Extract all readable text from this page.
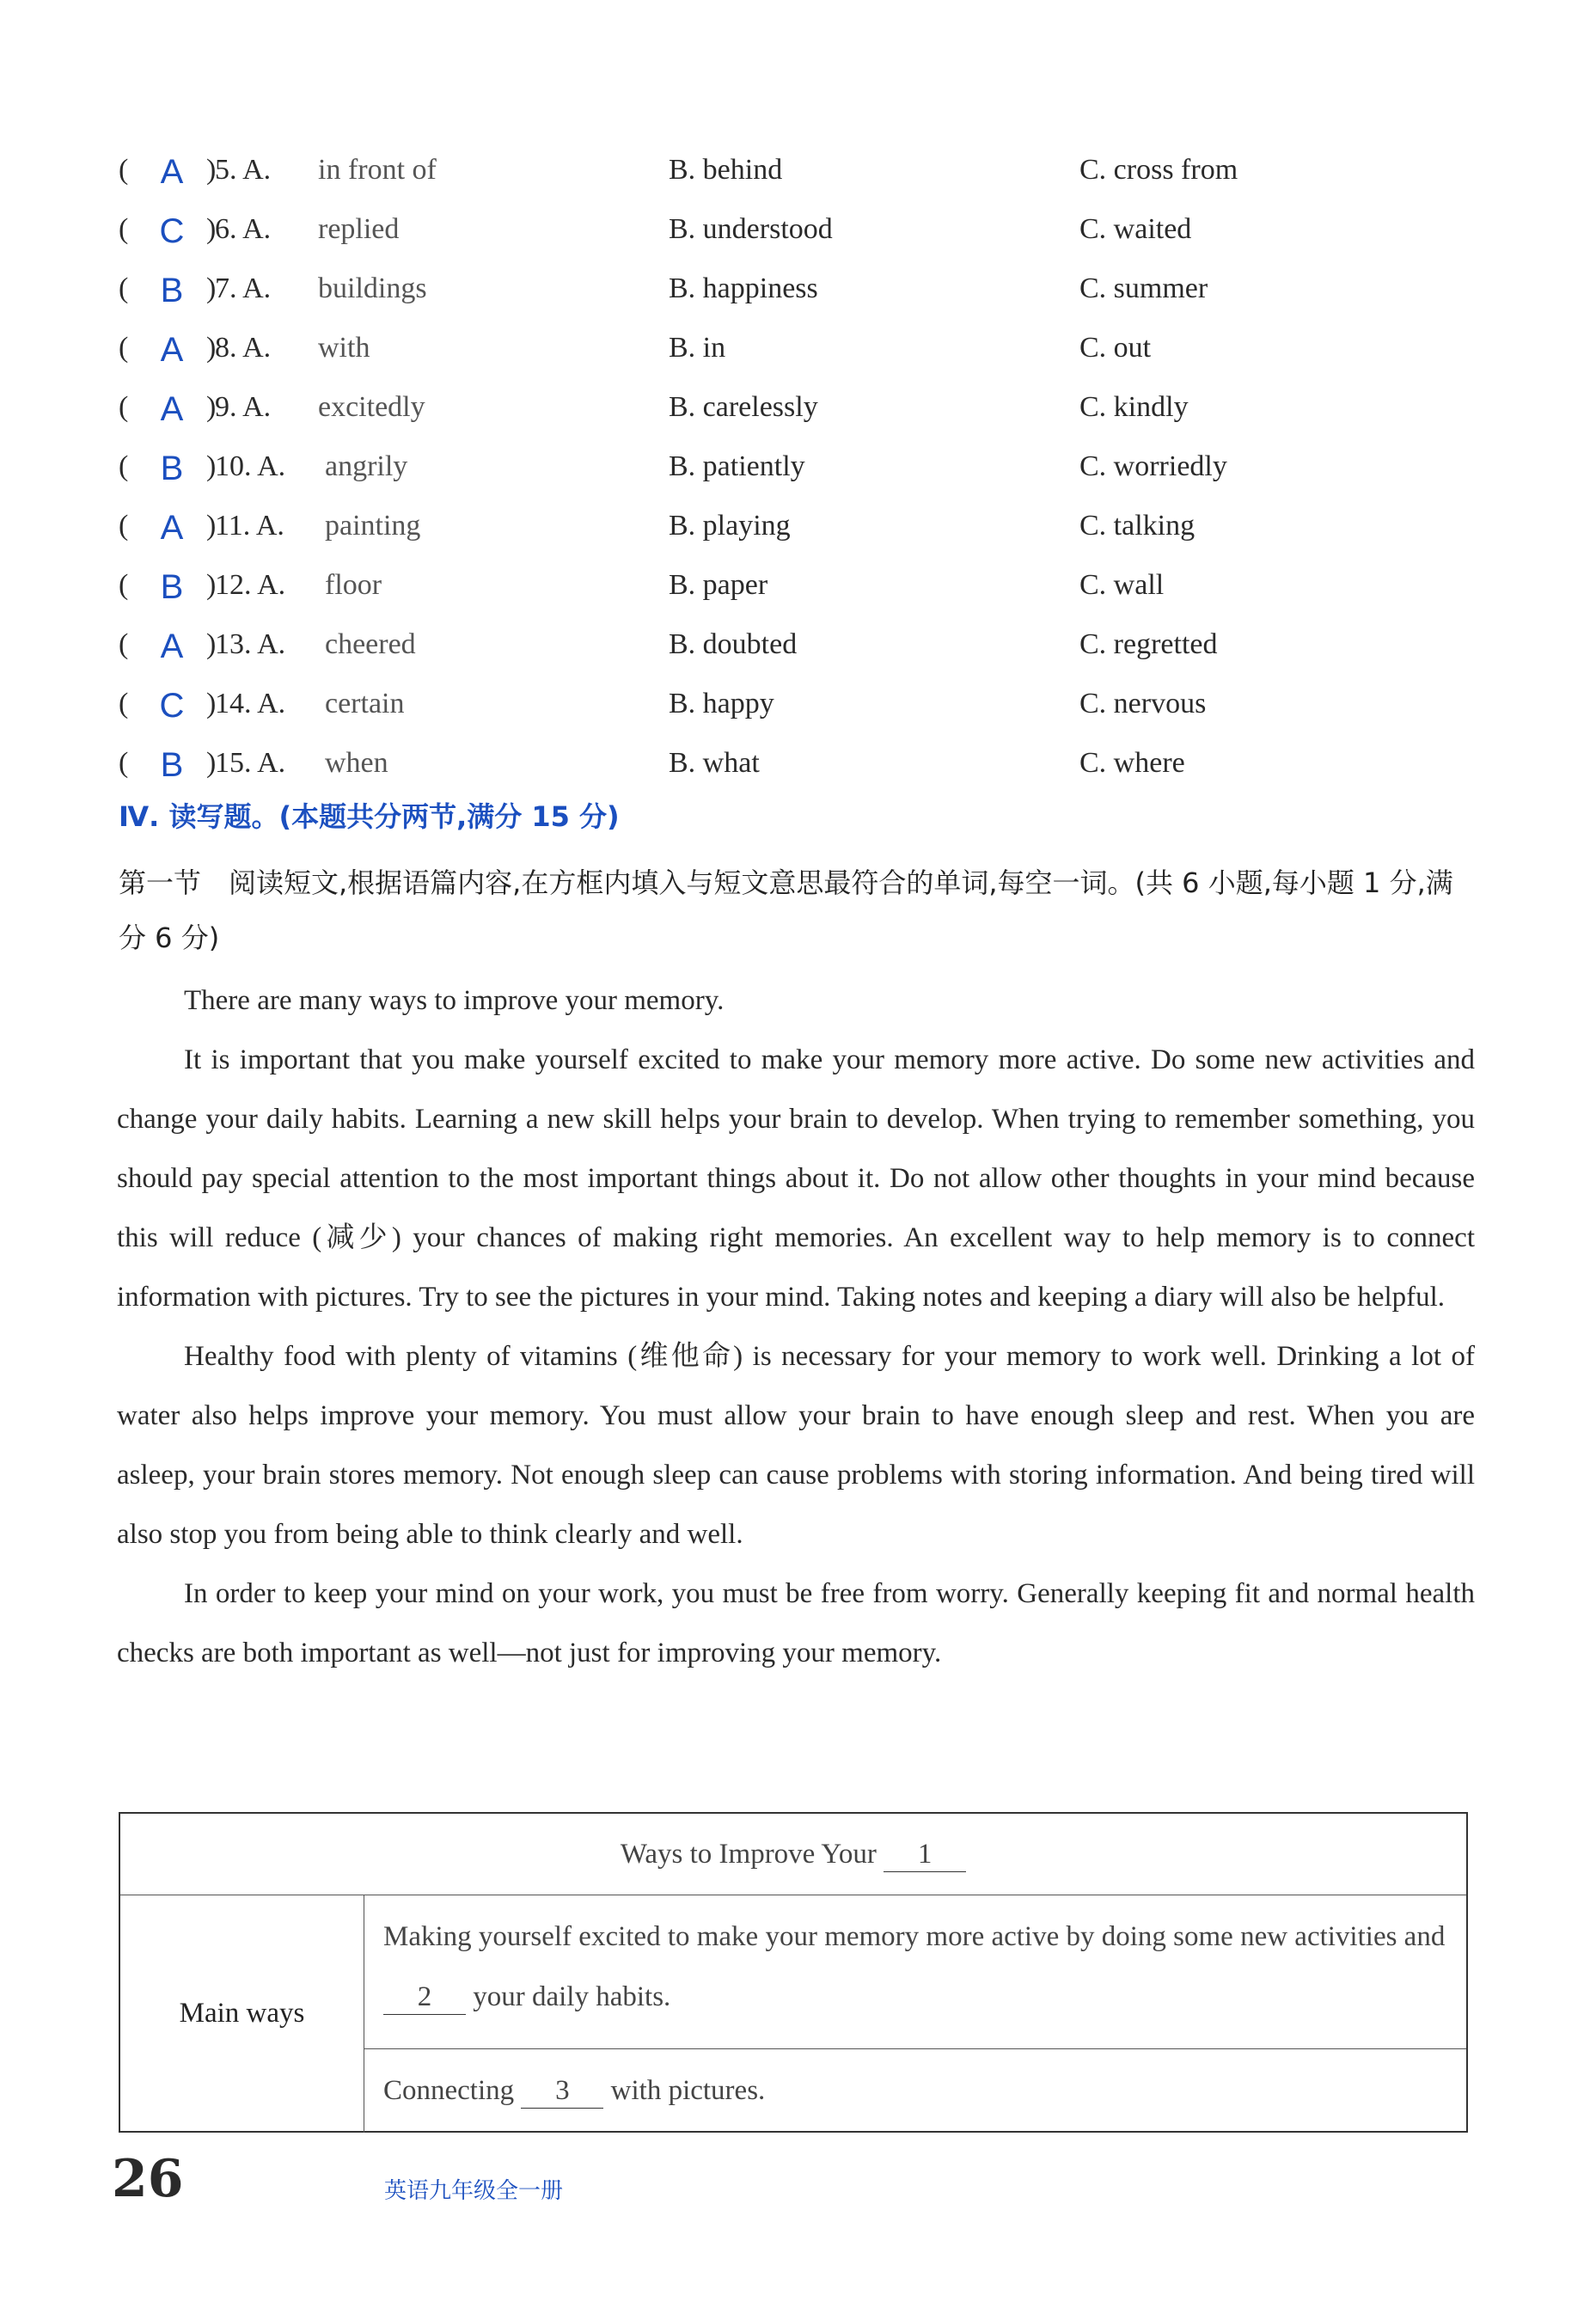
( A )
5. A. in front of	B. behind	C. cross from
( C )
6. A. replied	B. understood	C. waited
( B )
7. A. buildings	B. happiness	C. summer
( A )
8. A. with	B. in	C. out
( A )
9. A. excitedly	B. carelessly	C. kindly
( B )
10. A. angrily	B. patiently	C. worriedly
( A )
11. A. painting	B. playing	C. talking
( B )
12. A. floor	B. paper	C. wall
( A )
13. A. cheered	B. doubted	C. regretted
( C )
14. A. certain	B. happy	C. nervous
( B )
15. A. when	B. what	C. where
Ⅳ. 读写题。(本题共分两节,满分 15 分)
第一节　阅读短文,根据语篇内容,在方框内填入与短文意思最符合的单词,每空一词。(共 6 小题,每小题 1 分,满分 6 分)

There are many ways to improve your memory.

It is important that you make yourself excited to make your memory more active. Do some new activities and change your daily habits. Learning a new skill helps your brain to develop. When trying to remember something, you should pay special attention to the most important things about it. Do not allow other thoughts in your mind because this will reduce (减少) your chances of making right memories. An excellent way to help memory is to connect information with pictures. Try to see the pictures in your mind. Taking notes and keeping a diary will also be helpful.

Healthy food with plenty of vitamins (维他命) is necessary for your memory to work well. Drinking a lot of water also helps improve your memory. You must allow your brain to have enough sleep and rest. When you are asleep, your brain stores memory. Not enough sleep can cause problems with storing information. And being tired will also stop you from being able to think clearly and well.

In order to keep your mind on your work, you must be free from worry. Generally keeping fit and normal health checks are both important as well—not just for improving your memory.

Ways to Improve Your 1
Main ways
Making yourself excited to make your memory more active by doing some new activities and 2 your daily habits.
Connecting 3 with pictures.
26	英语九年级全一册
